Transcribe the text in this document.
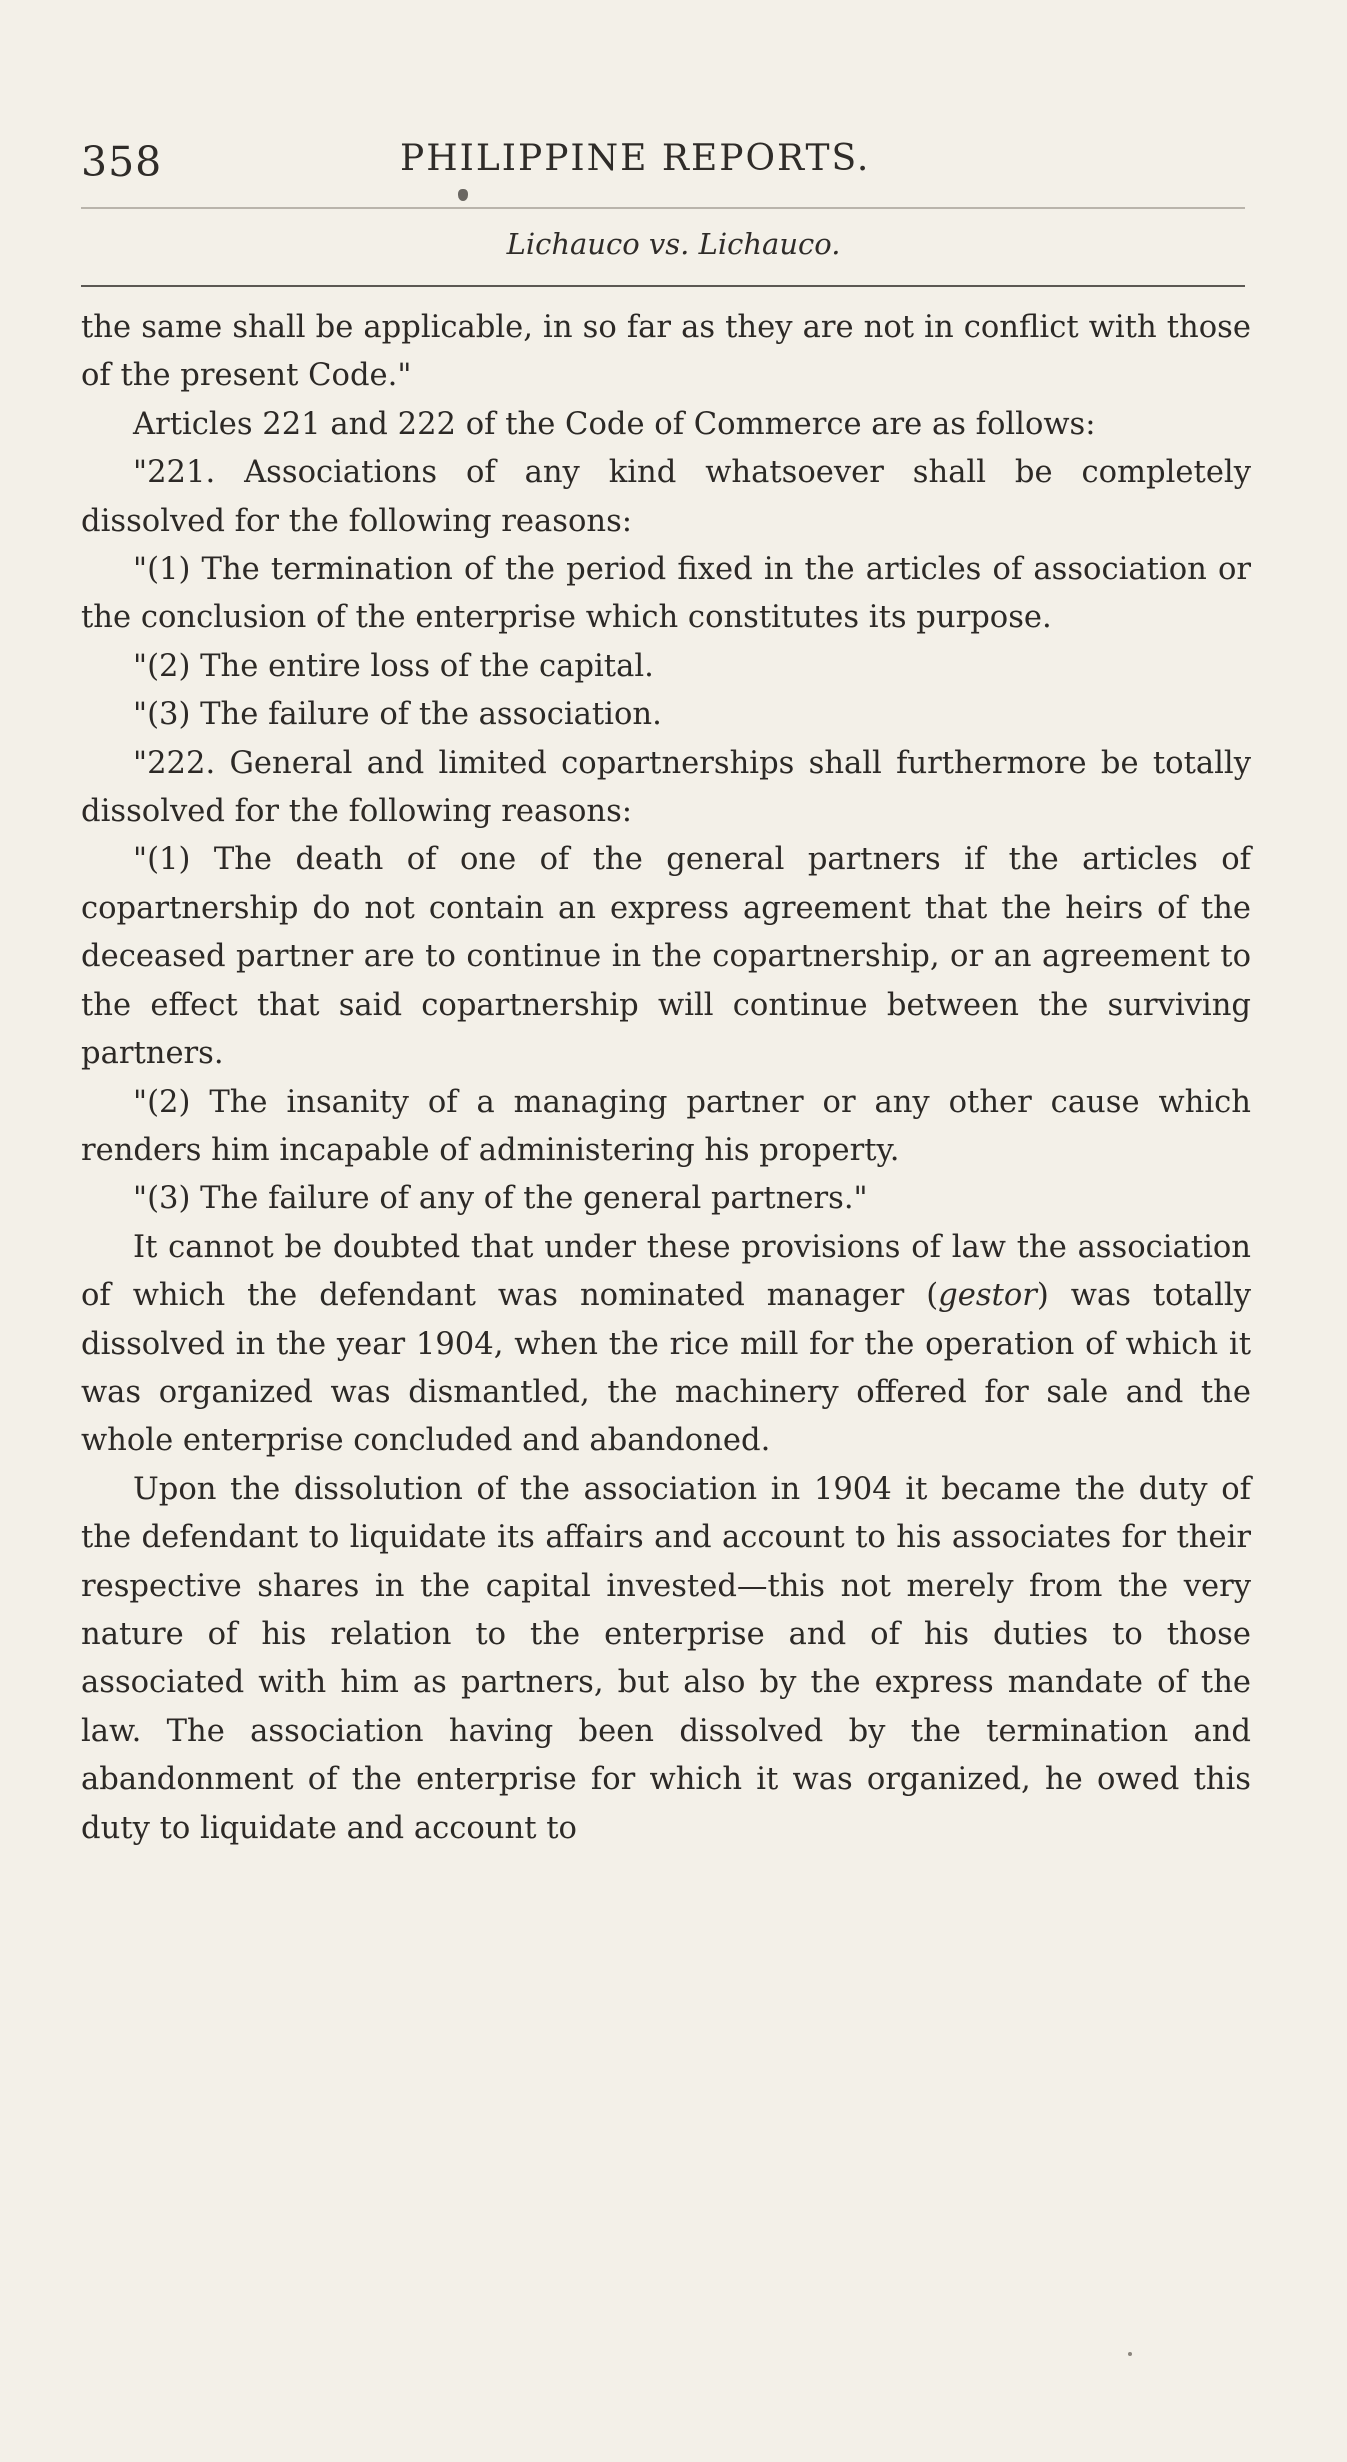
358	PHILIPPINE REPORTS.
Lichauco vs. Lichauco.

the same shall be applicable, in so far as they are not in conflict with those of the present Code."

Articles 221 and 222 of the Code of Commerce are as follows:

"221. Associations of any kind whatsoever shall be completely dissolved for the following reasons:

"(1) The termination of the period fixed in the articles of association or the conclusion of the enterprise which constitutes its purpose.

"(2) The entire loss of the capital.

"(3) The failure of the association.

"222. General and limited copartnerships shall furthermore be totally dissolved for the following reasons:

"(1) The death of one of the general partners if the articles of copartnership do not contain an express agreement that the heirs of the deceased partner are to continue in the copartnership, or an agreement to the effect that said copartnership will continue between the surviving partners.

"(2) The insanity of a managing partner or any other cause which renders him incapable of administering his property.

"(3) The failure of any of the general partners."

It cannot be doubted that under these provisions of law the association of which the defendant was nominated manager (gestor) was totally dissolved in the year 1904, when the rice mill for the operation of which it was organized was dismantled, the machinery offered for sale and the whole enterprise concluded and abandoned.

Upon the dissolution of the association in 1904 it became the duty of the defendant to liquidate its affairs and account to his associates for their respective shares in the capital invested—this not merely from the very nature of his relation to the enterprise and of his duties to those associated with him as partners, but also by the express mandate of the law. The association having been dissolved by the termination and abandonment of the enterprise for which it was organized, he owed this duty to liquidate and account to
